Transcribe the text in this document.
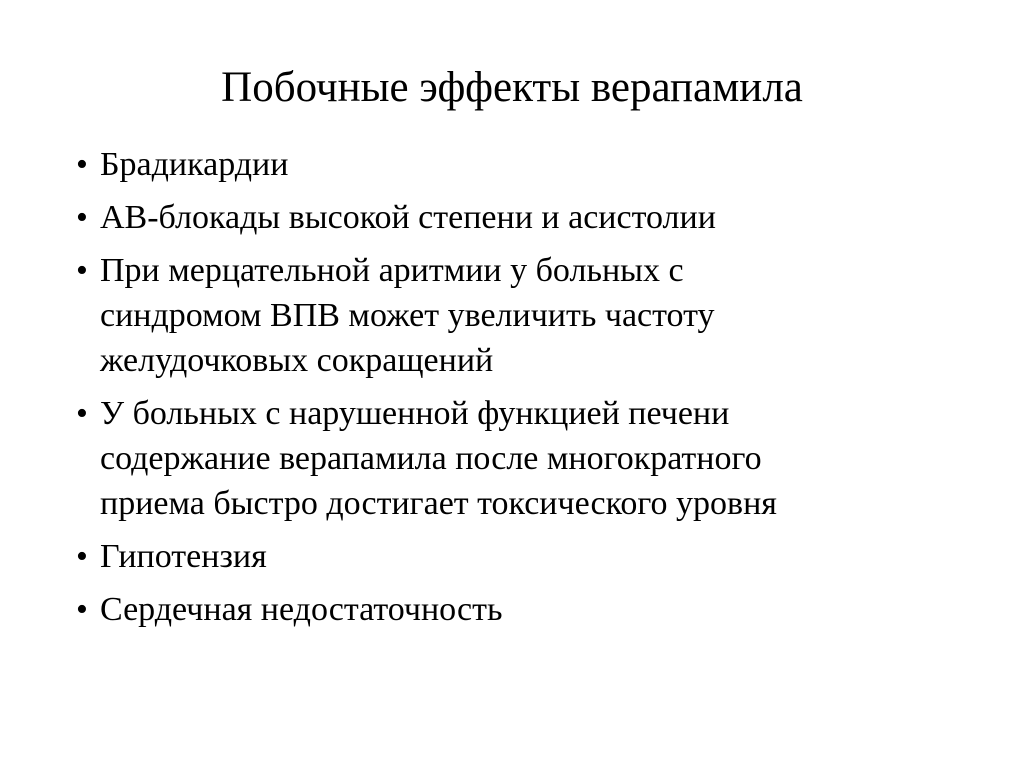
Побочные эффекты верапамила
• Брадикардии
• АВ-блокады высокой степени и асистолии
• При мерцательной аритмии у больных с
синдромом ВПВ может увеличить частоту
желудочковых сокращений
• У больных с нарушенной функцией печени
содержание верапамила после многократного
приема быстро достигает токсического уровня
• Гипотензия
• Сердечная недостаточность
